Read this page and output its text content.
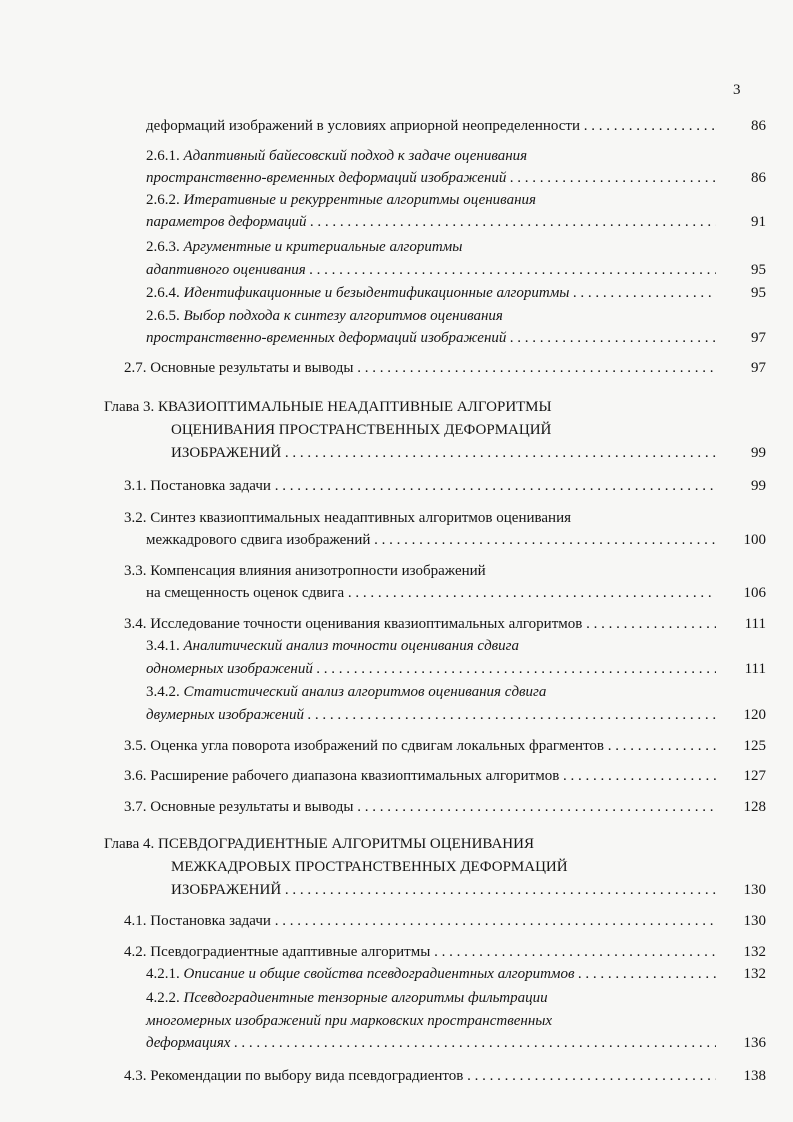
3
деформаций изображений в условиях априорной неопределенности . . .	86
2.6.1. Адаптивный байесовский подход к задаче оценивания
пространственно-временных деформаций изображений . . .	86
2.6.2. Итеративные и рекуррентные алгоритмы оценивания
параметров деформаций . . .	91
2.6.3. Аргументные и критериальные алгоритмы
адаптивного оценивания . . .	95
2.6.4.
Идентификационные и безыдентификационные алгоритмы . . .	95
2.6.5. Выбор подхода к синтезу алгоритмов оценивания
пространственно-временных деформаций изображений . . .	97
2.7.
Основные результаты и выводы . . .	97
Глава 3. КВАЗИОПТИМАЛЬНЫЕ НЕАДАПТИВНЫЕ АЛГОРИТМЫ
ОЦЕНИВАНИЯ ПРОСТРАНСТВЕННЫХ ДЕФОРМАЦИЙ
ИЗОБРАЖЕНИЙ . . .	99
3.1.
Постановка задачи . . .	99
3.2. Синтез квазиоптимальных неадаптивных алгоритмов оценивания
межкадрового сдвига изображений . . .	100
3.3. Компенсация влияния анизотропности изображений
на смещенность оценок сдвига . . .	106
3.4.
Исследование точности оценивания квазиоптимальных алгоритмов . . .	111
3.4.1. Аналитический анализ точности оценивания сдвига
одномерных изображений . . .	111
3.4.2. Статистический анализ алгоритмов оценивания сдвига
двумерных изображений . . .	120
3.5.
Оценка угла поворота изображений по сдвигам локальных фрагментов . . .	125
3.6.
Расширение рабочего диапазона квазиоптимальных алгоритмов . . .	127
3.7.
Основные результаты и выводы . . .	128
Глава 4. ПСЕВДОГРАДИЕНТНЫЕ АЛГОРИТМЫ ОЦЕНИВАНИЯ
МЕЖКАДРОВЫХ ПРОСТРАНСТВЕННЫХ ДЕФОРМАЦИЙ
ИЗОБРАЖЕНИЙ . . .	130
4.1.
Постановка задачи . . .	130
4.2.
Псевдоградиентные адаптивные алгоритмы . . .	132
4.2.1.
Описание и общие свойства псевдоградиентных алгоритмов . . .	132
4.2.2. Псевдоградиентные тензорные алгоритмы фильтрации
многомерных изображений при марковских пространственных
деформациях . . .	136
4.3.
Рекомендации по выбору вида псевдоградиентов . . .	138
